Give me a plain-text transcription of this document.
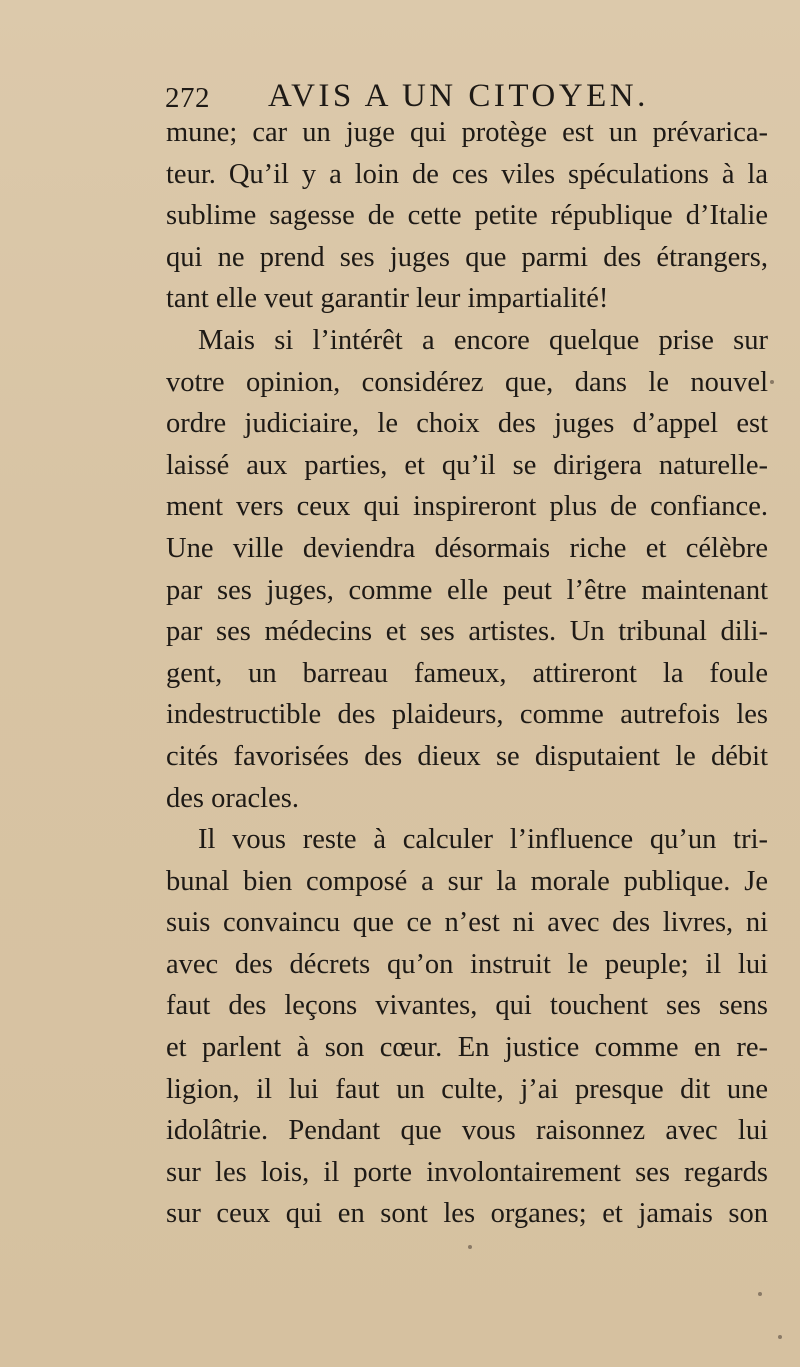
272 AVIS A UN CITOYEN.
mune; car un juge qui protège est un prévarica-
teur. Qu’il y a loin de ces viles spéculations à la
sublime sagesse de cette petite république d’Italie
qui ne prend ses juges que parmi des étrangers,
tant elle veut garantir leur impartialité!
Mais si l’intérêt a encore quelque prise sur
votre opinion, considérez que, dans le nouvel
ordre judiciaire, le choix des juges d’appel est
laissé aux parties, et qu’il se dirigera naturelle-
ment vers ceux qui inspireront plus de confiance.
Une ville deviendra désormais riche et célèbre
par ses juges, comme elle peut l’être maintenant
par ses médecins et ses artistes. Un tribunal dili-
gent, un barreau fameux, attireront la foule
indestructible des plaideurs, comme autrefois les
cités favorisées des dieux se disputaient le débit
des oracles.
Il vous reste à calculer l’influence qu’un tri-
bunal bien composé a sur la morale publique. Je
suis convaincu que ce n’est ni avec des livres, ni
avec des décrets qu’on instruit le peuple; il lui
faut des leçons vivantes, qui touchent ses sens
et parlent à son cœur. En justice comme en re-
ligion, il lui faut un culte, j’ai presque dit une
idolâtrie. Pendant que vous raisonnez avec lui
sur les lois, il porte involontairement ses regards
sur ceux qui en sont les organes; et jamais son
